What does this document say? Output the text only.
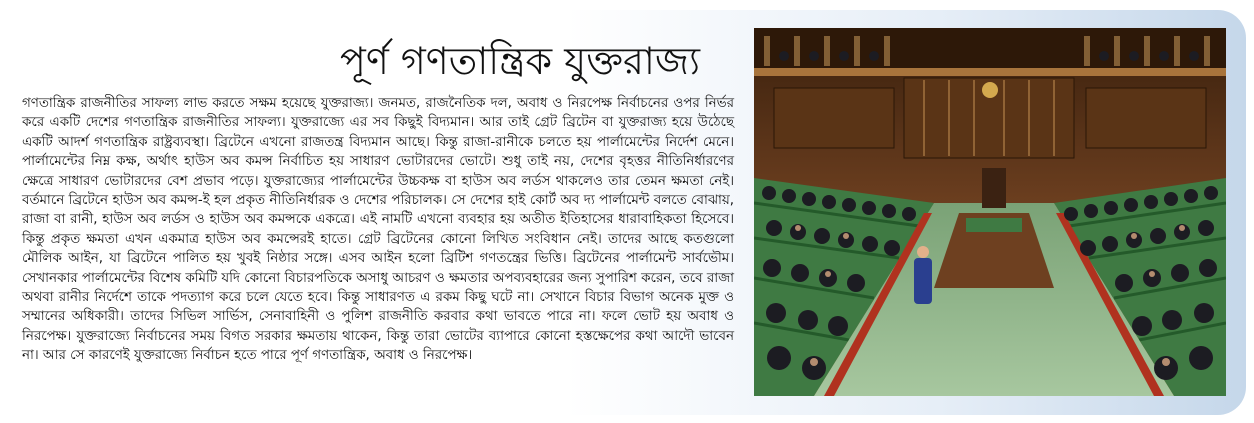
পূর্ণ গণতান্ত্রিক যুক্তরাজ্য

গণতান্ত্রিক রাজনীতির সাফল্য লাভ করতে সক্ষম হয়েছে যুক্তরাজ্য। জনমত, রাজনৈতিক দল, অবাধ ও নিরপেক্ষ নির্বাচনের ওপর নির্ভর করে একটি দেশের গণতান্ত্রিক রাজনীতির সাফল্য। যুক্তরাজ্যে এর সব কিছুই বিদ্যমান। আর তাই গ্রেট ব্রিটেন বা যুক্তরাজ্য হয়ে উঠেছে একটি আদর্শ গণতান্ত্রিক রাষ্ট্রব্যবস্থা। ব্রিটেনে এখনো রাজতন্ত্র বিদ্যমান আছে। কিন্তু রাজা-রানীকে চলতে হয় পার্লামেন্টের নির্দেশ মেনে। পার্লামেন্টের নিম্ন কক্ষ, অর্থাৎ হাউস অব কমন্স নির্বাচিত হয় সাধারণ ভোটারদের ভোটে। শুধু তাই নয়, দেশের বৃহত্তর নীতিনির্ধারণের ক্ষেত্রে সাধারণ ভোটারদের বেশ প্রভাব পড়ে। যুক্তরাজ্যের পার্লামেন্টের উচ্চকক্ষ বা হাউস অব লর্ডস থাকলেও তার তেমন ক্ষমতা নেই। বর্তমানে ব্রিটেনে হাউস অব কমন্স-ই হল প্রকৃত নীতিনির্ধারক ও দেশের পরিচালক। সে দেশের হাই কোর্ট অব দ্য পার্লামেন্ট বলতে বোঝায়, রাজা বা রানী, হাউস অব লর্ডস ও হাউস অব কমন্সকে একত্রে। এই নামটি এখনো ব্যবহার হয় অতীত ইতিহাসের ধারাবাহিকতা হিসেবে। কিন্তু প্রকৃত ক্ষমতা এখন একমাত্র হাউস অব কমন্সেরই হাতে। গ্রেট ব্রিটেনের কোনো লিখিত সংবিধান নেই। তাদের আছে কতগুলো মৌলিক আইন, যা ব্রিটেনে পালিত হয় খুবই নিষ্ঠার সঙ্গে। এসব আইন হলো ব্রিটিশ গণতন্ত্রের ভিত্তি। ব্রিটেনের পার্লামেন্ট সার্বভৌম। সেখানকার পার্লামেন্টের বিশেষ কমিটি যদি কোনো বিচারপতিকে অসাধু আচরণ ও ক্ষমতার অপব্যবহারের জন্য সুপারিশ করেন, তবে রাজা অথবা রানীর নির্দেশে তাকে পদত্যাগ করে চলে যেতে হবে। কিন্তু সাধারণত এ রকম কিছু ঘটে না। সেখানে বিচার বিভাগ অনেক মুক্ত ও সম্মানের অধিকারী। তাদের সিভিল সার্ভিস, সেনাবাহিনী ও পুলিশ রাজনীতি করবার কথা ভাবতে পারে না। ফলে ভোট হয় অবাধ ও নিরপেক্ষ। যুক্তরাজ্যে নির্বাচনের সময় বিগত সরকার ক্ষমতায় থাকেন, কিন্তু তারা ভোটের ব্যাপারে কোনো হস্তক্ষেপের কথা আদৌ ভাবেন না। আর সে কারণেই যুক্তরাজ্যে নির্বাচন হতে পারে পূর্ণ গণতান্ত্রিক, অবাধ ও নিরপেক্ষ।
